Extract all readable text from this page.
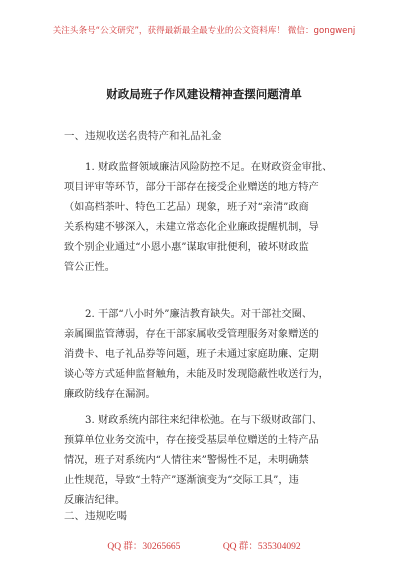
关注头条号“公文研究”，获得最新最全最专业的公文资料库！ 微信：gongwenj
财政局班子作风建设精神查摆问题清单
一、违规收送名贵特产和礼品礼金
1. 财政监督领域廉洁风险防控不足。在财政资金审批、
项目评审等环节，部分干部存在接受企业赠送的地方特产
（如高档茶叶、特色工艺品）现象，班子对“亲清”政商
关系构建不够深入，未建立常态化企业廉政提醒机制，导
致个别企业通过“小恩小惠”谋取审批便利，破坏财政监
管公正性。
2. 干部“八小时外”廉洁教育缺失。对干部社交圈、
亲属圈监管薄弱，存在干部家属收受管理服务对象赠送的
消费卡、电子礼品券等问题，班子未通过家庭助廉、定期
谈心等方式延伸监督触角，未能及时发现隐蔽性收送行为，
廉政防线存在漏洞。
3. 财政系统内部往来纪律松弛。在与下级财政部门、
预算单位业务交流中，存在接受基层单位赠送的土特产品
情况，班子对系统内“人情往来”警惕性不足，未明确禁
止性规范，导致“土特产”逐渐演变为“交际工具”，违
反廉洁纪律。
二、违规吃喝
QQ 群：30265665	QQ 群：535304092
